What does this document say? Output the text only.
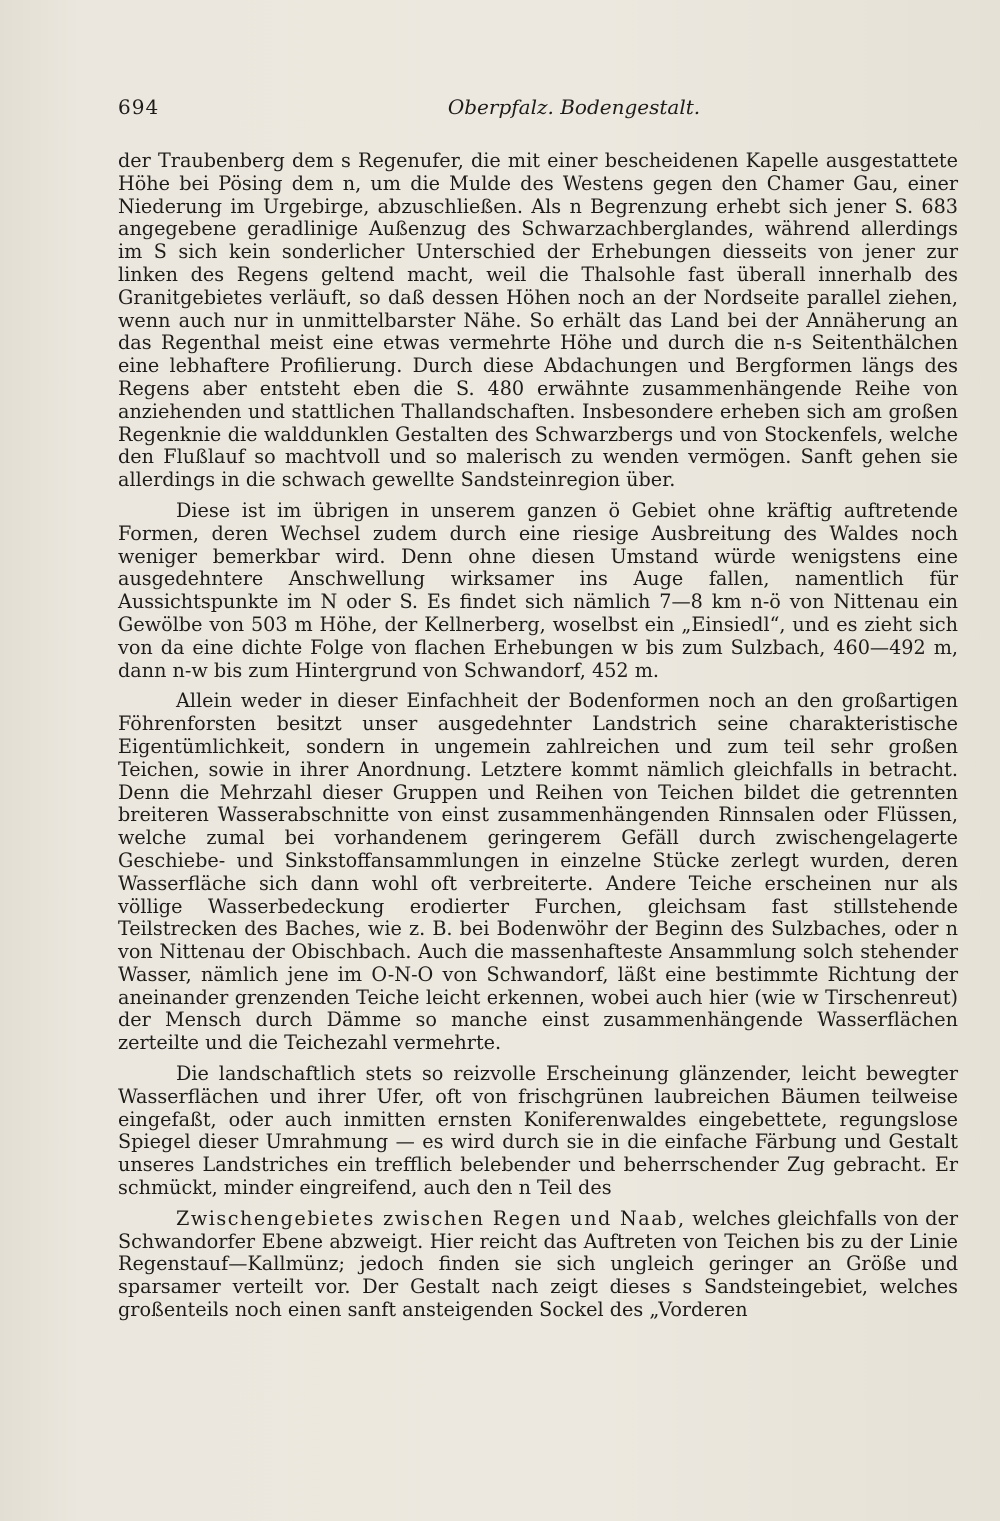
694	Oberpfalz. Bodengestalt.

der Traubenberg dem s Regenufer, die mit einer bescheidenen Kapelle ausgestattete Höhe bei Pösing dem n, um die Mulde des Westens gegen den Chamer Gau, einer Niederung im Urgebirge, abzuschließen. Als n Begrenzung erhebt sich jener S. 683 angegebene geradlinige Außenzug des Schwarzachberglandes, während allerdings im S sich kein sonderlicher Unterschied der Erhebungen diesseits von jener zur linken des Regens geltend macht, weil die Thalsohle fast überall innerhalb des Granitgebietes verläuft, so daß dessen Höhen noch an der Nordseite parallel ziehen, wenn auch nur in unmittelbarster Nähe. So erhält das Land bei der Annäherung an das Regenthal meist eine etwas vermehrte Höhe und durch die n-s Seitenthälchen eine lebhaftere Profilierung. Durch diese Abdachungen und Bergformen längs des Regens aber entsteht eben die S. 480 erwähnte zusammenhängende Reihe von anziehenden und stattlichen Thallandschaften. Insbesondere erheben sich am großen Regenknie die walddunklen Gestalten des Schwarzbergs und von Stockenfels, welche den Flußlauf so machtvoll und so malerisch zu wenden vermögen. Sanft gehen sie allerdings in die schwach gewellte Sandsteinregion über.

Diese ist im übrigen in unserem ganzen ö Gebiet ohne kräftig auftretende Formen, deren Wechsel zudem durch eine riesige Ausbreitung des Waldes noch weniger bemerkbar wird. Denn ohne diesen Umstand würde wenigstens eine ausgedehntere Anschwellung wirksamer ins Auge fallen, namentlich für Aussichtspunkte im N oder S. Es findet sich nämlich 7—8 km n-ö von Nittenau ein Gewölbe von 503 m Höhe, der Kellnerberg, woselbst ein „Einsiedl“, und es zieht sich von da eine dichte Folge von flachen Erhebungen w bis zum Sulzbach, 460—492 m, dann n-w bis zum Hintergrund von Schwandorf, 452 m.

Allein weder in dieser Einfachheit der Bodenformen noch an den großartigen Föhrenforsten besitzt unser ausgedehnter Landstrich seine charakteristische Eigentümlichkeit, sondern in ungemein zahlreichen und zum teil sehr großen Teichen, sowie in ihrer Anordnung. Letztere kommt nämlich gleichfalls in betracht. Denn die Mehrzahl dieser Gruppen und Reihen von Teichen bildet die getrennten breiteren Wasserabschnitte von einst zusammenhängenden Rinnsalen oder Flüssen, welche zumal bei vorhandenem geringerem Gefäll durch zwischengelagerte Geschiebe- und Sinkstoffansammlungen in einzelne Stücke zerlegt wurden, deren Wasserfläche sich dann wohl oft verbreiterte. Andere Teiche erscheinen nur als völlige Wasserbedeckung erodierter Furchen, gleichsam fast stillstehende Teilstrecken des Baches, wie z. B. bei Bodenwöhr der Beginn des Sulzbaches, oder n von Nittenau der Obischbach. Auch die massenhafteste Ansammlung solch stehender Wasser, nämlich jene im O-N-O von Schwandorf, läßt eine bestimmte Richtung der aneinander grenzenden Teiche leicht erkennen, wobei auch hier (wie w Tirschenreut) der Mensch durch Dämme so manche einst zusammenhängende Wasserflächen zerteilte und die Teichezahl vermehrte.

Die landschaftlich stets so reizvolle Erscheinung glänzender, leicht bewegter Wasserflächen und ihrer Ufer, oft von frischgrünen laubreichen Bäumen teilweise eingefaßt, oder auch inmitten ernsten Koniferenwaldes eingebettete, regungslose Spiegel dieser Umrahmung — es wird durch sie in die einfache Färbung und Gestalt unseres Landstriches ein trefflich belebender und beherrschender Zug gebracht. Er schmückt, minder eingreifend, auch den n Teil des

Zwischengebietes zwischen Regen und Naab, welches gleichfalls von der Schwandorfer Ebene abzweigt. Hier reicht das Auftreten von Teichen bis zu der Linie Regenstauf—Kallmünz; jedoch finden sie sich ungleich geringer an Größe und sparsamer verteilt vor. Der Gestalt nach zeigt dieses s Sandsteingebiet, welches großenteils noch einen sanft ansteigenden Sockel des „Vorderen
